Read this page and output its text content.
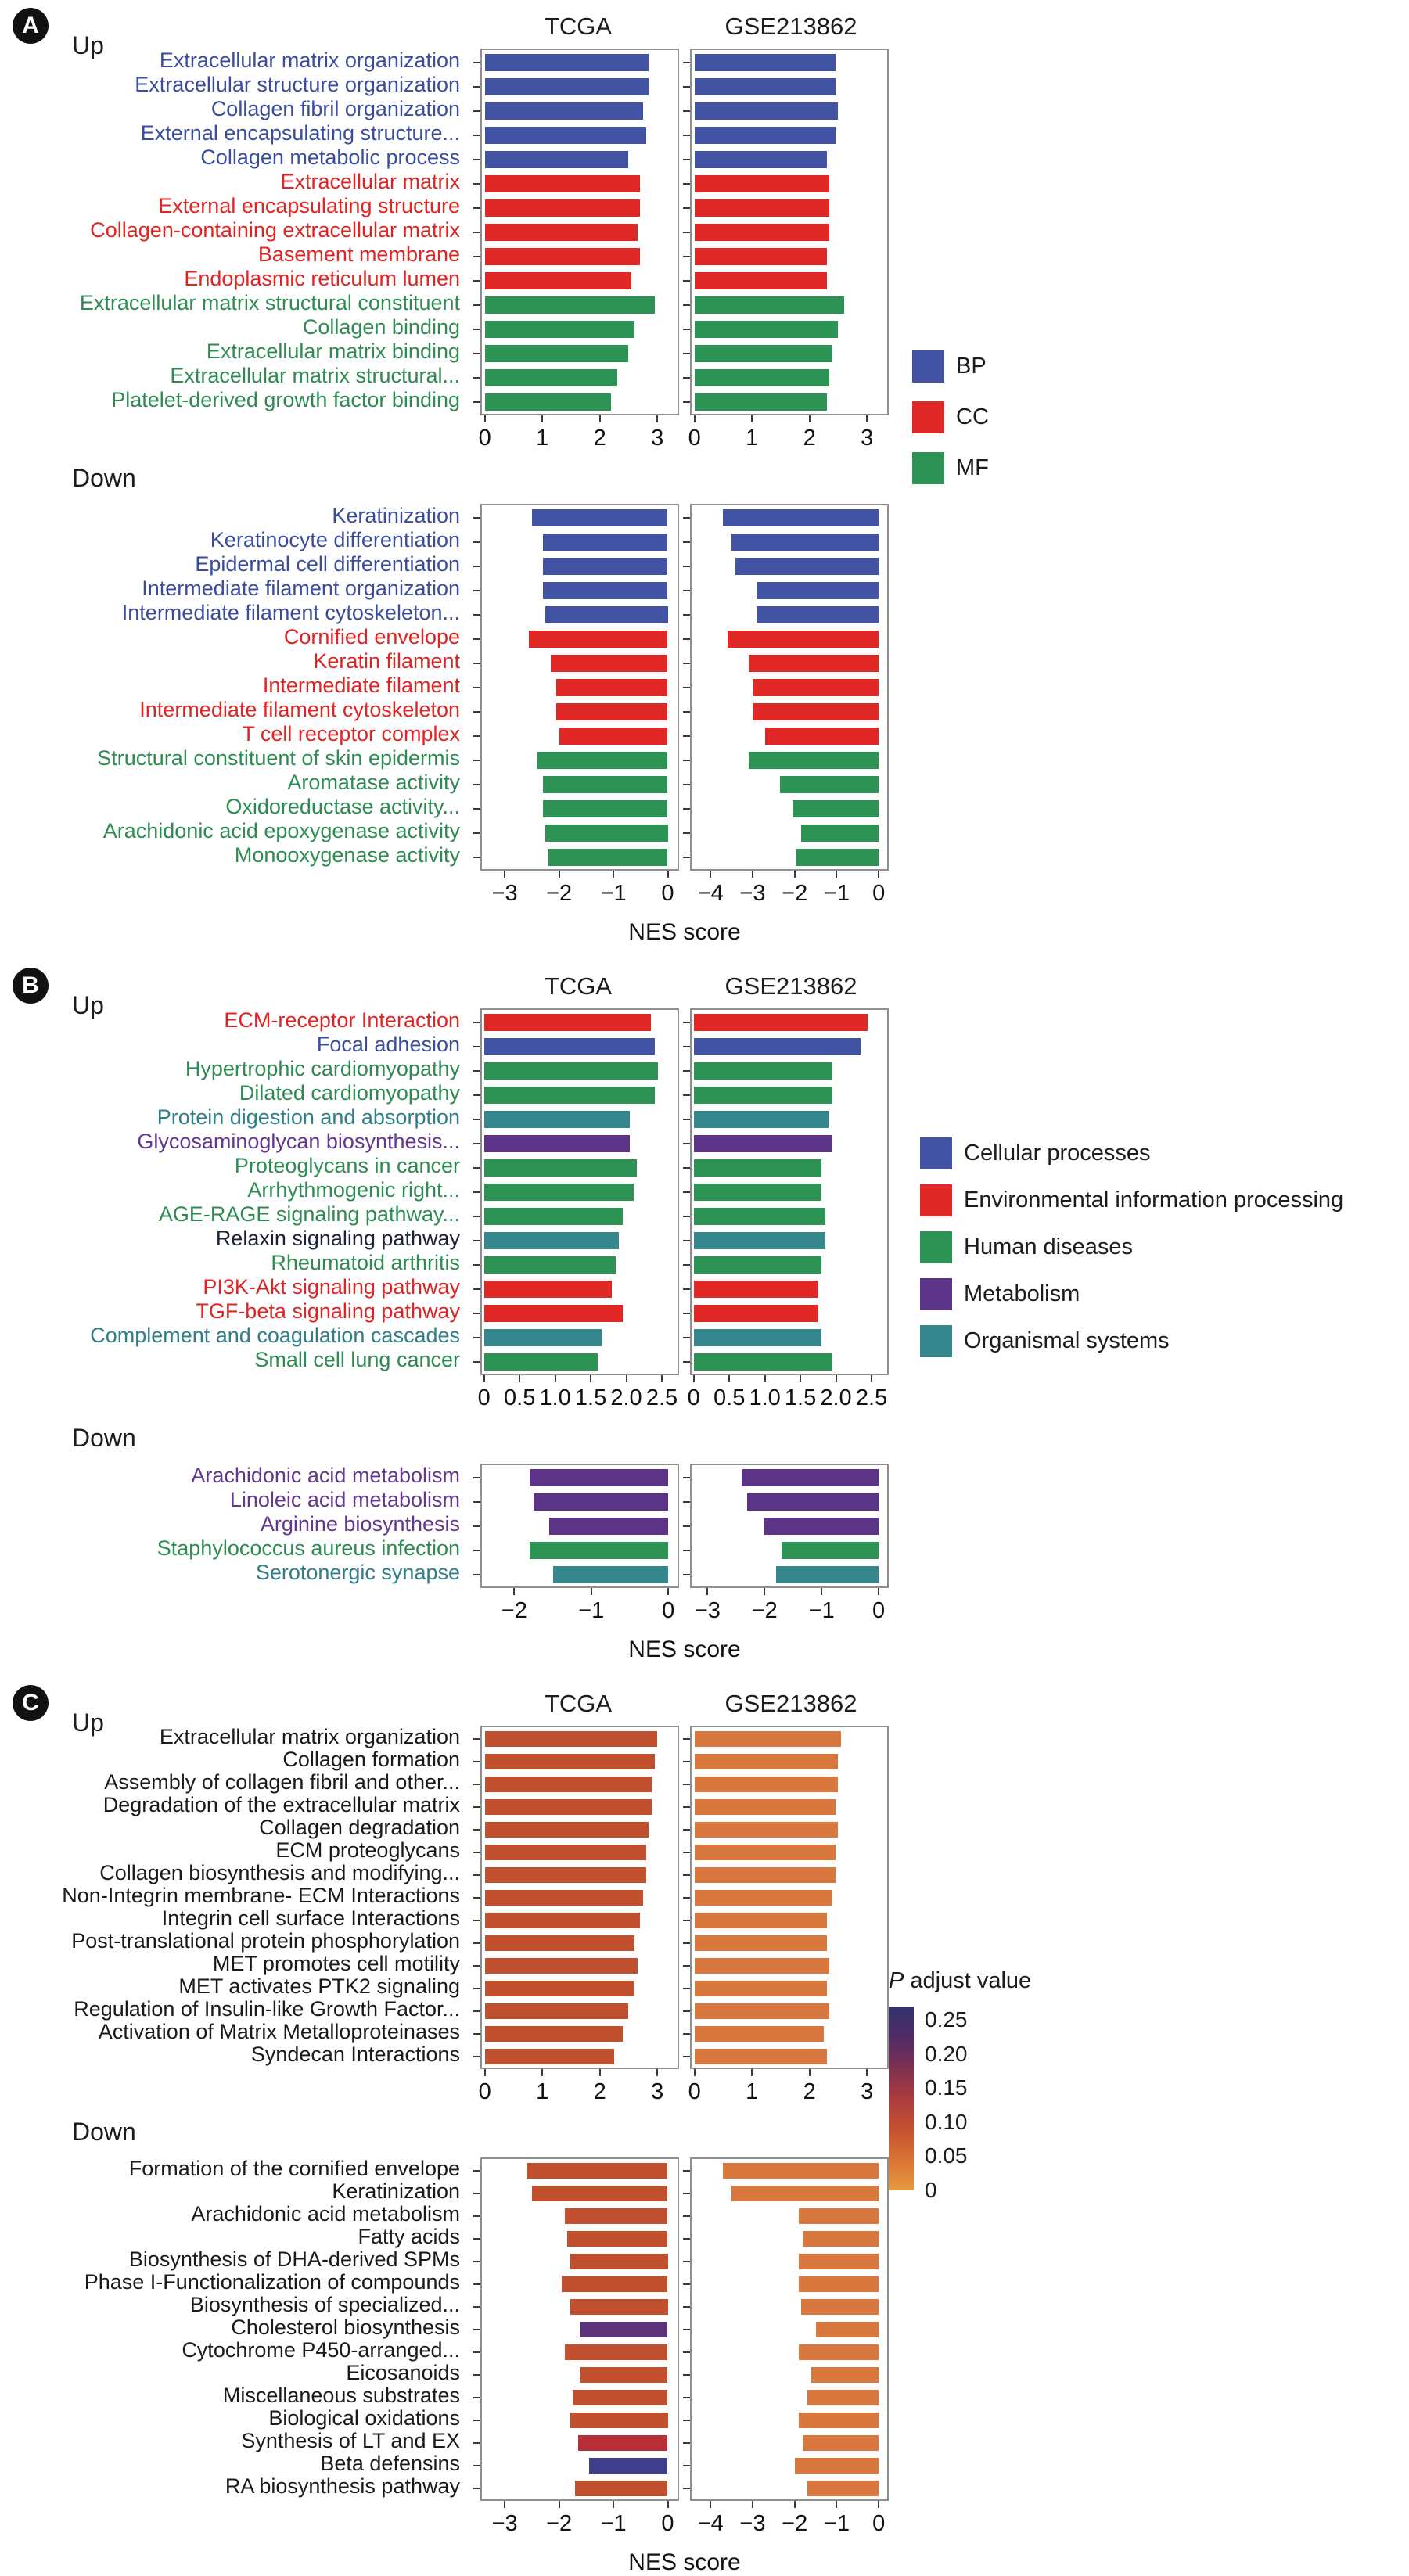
A
Up
TCGA	GSE213862
Extracellular matrix organization
Extracellular structure organization
Collagen fibril organization
External encapsulating structure...
Collagen metabolic process
Extracellular matrix
External encapsulating structure
Collagen-containing extracellular matrix
Basement membrane
Endoplasmic reticulum lumen
Extracellular matrix structural constituent
Collagen binding
Extracellular matrix binding
Extracellular matrix structural...
Platelet-derived growth factor binding
0 1 2 3 0 1 2 3
Down
Keratinization
Keratinocyte differentiation
Epidermal cell differentiation
Intermediate filament organization
Intermediate filament cytoskeleton...
Cornified envelope
Keratin filament
Intermediate filament
Intermediate filament cytoskeleton
T cell receptor complex
Structural constituent of skin epidermis
Aromatase activity
Oxidoreductase activity...
Arachidonic acid epoxygenase activity
Monooxygenase activity
−3 −2 −1 0 −4 −3 −2 −1 0
NES score
BP
CC
MF
B
Up
TCGA	GSE213862
ECM-receptor Interaction
Focal adhesion
Hypertrophic cardiomyopathy
Dilated cardiomyopathy
Protein digestion and absorption
Glycosaminoglycan biosynthesis...
Proteoglycans in cancer
Arrhythmogenic right...
AGE-RAGE signaling pathway...
Relaxin signaling pathway
Rheumatoid arthritis
PI3K-Akt signaling pathway
TGF-beta signaling pathway
Complement and coagulation cascades
Small cell lung cancer
0 0.5 1.0 1.5 2.0 2.5 0 0.5 1.0 1.5 2.0 2.5
Down
Arachidonic acid metabolism
Linoleic acid metabolism
Arginine biosynthesis
Staphylococcus aureus infection
Serotonergic synapse
−2 −1	0 −3 −2 −1 0
NES score
Cellular processes
Environmental information processing
Human diseases
Metabolism
Organismal systems
C
Up
TCGA	GSE213862
Extracellular matrix organization
Collagen formation
Assembly of collagen fibril and other...
Degradation of the extracellular matrix
Collagen degradation
ECM proteoglycans
Collagen biosynthesis and modifying...
Non-Integrin membrane- ECM Interactions
Integrin cell surface Interactions
Post-translational protein phosphorylation
MET promotes cell motility
MET activates PTK2 signaling
Regulation of Insulin-like Growth Factor...
Activation of Matrix Metalloproteinases
Syndecan Interactions
0 1 2 3 0 1 2 3
Down
Formation of the cornified envelope
Keratinization
Arachidonic acid metabolism
Fatty acids
Biosynthesis of DHA-derived SPMs
Phase I-Functionalization of compounds
Biosynthesis of specialized...
Cholesterol biosynthesis
Cytochrome P450-arranged...
Eicosanoids
Miscellaneous substrates
Biological oxidations
Synthesis of LT and EX
Beta defensins
RA biosynthesis pathway
−3 −2 −1 0 −4 −3 −2 −1 0
NES score
P adjust value
0.25
0.20
0.15
0.10
0.05
0
